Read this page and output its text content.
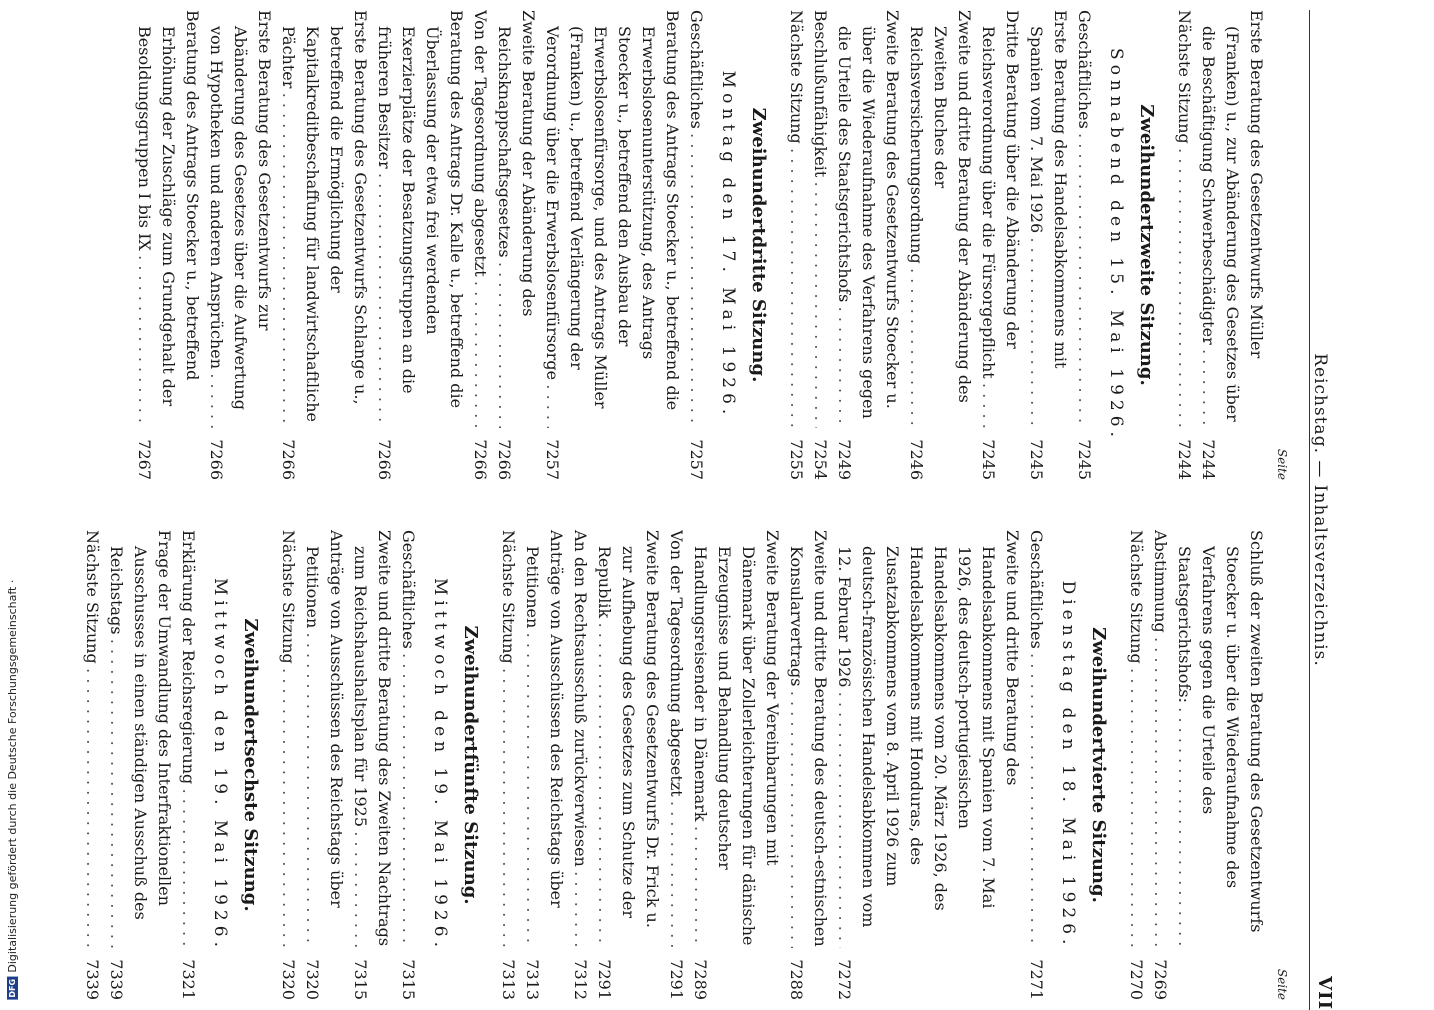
DFG
Digitalisierung gefördert durch die Deutsche Forschungsgemeinschaft ·
Reichstag. — Inhaltsverzeichnis.
VII
Seite
Erste Beratung des Gesetzentwurfs Müller (Franken) u., zur Abänderung des Gesetzes über die Beschäftigung Schwerbeschädigter . . .
7244
Nächste Sitzung . . .
7244
Zweihundertzweite Sitzung.
Sonnabend den 15. Mai 1926.
Geschäftliches . . .
7245
Erste Beratung des Handelsabkommens mit Spanien vom 7. Mai 1926 . . .
7245
Dritte Beratung über die Abänderung der Reichsverordnung über die Fürsorgepflicht . . .
7245
Zweite und dritte Beratung der Abänderung des Zweiten Buches der Reichsversicherungsordnung . . .
7246
Zweite Beratung des Gesetzentwurfs Stoecker u. über die Wiederaufnahme des Verfahrens gegen die Urteile des Staatsgerichtshofs . . .
7249
Beschlußunfähigkeit . . .
7254
Nächste Sitzung . . .
7255
Zweihundertdritte Sitzung.
Montag den 17. Mai 1926.
Geschäftliches . . .
7257
Beratung des Antrags Stoecker u., betreffend die Erwerbslosenunterstützung, des Antrags Stoecker u., betreffend den Ausbau der Erwerbslosenfürsorge, und des Antrags Müller (Franken) u., betreffend Verlängerung der Verordnung über die Erwerbslosenfürsorge . . .
7257
Zweite Beratung der Abänderung des Reichsknappschaftsgesetzes . . .
7266
Von der Tagesordnung abgesetzt . . .
7266
Beratung des Antrags Dr. Kalle u., betreffend die Überlassung der etwa frei werdenden Exerzierplätze der Besatzungstruppen an die früheren Besitzer . . .
7266
Erste Beratung des Gesetzentwurfs Schlange u., betreffend die Ermöglichung der Kapitalkreditbeschaffung für landwirtschaftliche Pächter . . .
7266
Erste Beratung des Gesetzentwurfs zur Abänderung des Gesetzes über die Aufwertung von Hypotheken und anderen Ansprüchen . . .
7266
Beratung des Antrags Stoecker u., betreffend Erhöhung der Zuschläge zum Grundgehalt der Besoldungsgruppen I bis IX . . .
7267
Seite
Schluß der zweiten Beratung des Gesetzentwurfs Stoecker u. über die Wiederaufnahme des Verfahrens gegen die Urteile des Staatsgerichtshofs: . . .
Abstimmung . . .
7269
Nächste Sitzung . . .
7270
Zweihundertvierte Sitzung.
Dienstag den 18. Mai 1926.
Geschäftliches . . .
7271
Zweite und dritte Beratung des Handelsabkommens mit Spanien vom 7. Mai 1926, des deutsch-portugiesischen Handelsabkommens vom 20. März 1926, des Handelsabkommens mit Honduras, des Zusatzabkommens vom 8. April 1926 zum deutsch-französischen Handelsabkommen vom 12. Februar 1926 . . .
7272
Zweite und dritte Beratung des deutsch-estnischen Konsularvertrags . . .
7288
Zweite Beratung der Vereinbarungen mit Dänemark über Zollerleichterungen für dänische Erzeugnisse und Behandlung deutscher Handlungsreisender in Dänemark . . .
7289
Von der Tagesordnung abgesetzt . . .
7291
Zweite Beratung des Gesetzentwurfs Dr. Frick u. zur Aufhebung des Gesetzes zum Schutze der Republik . . .
7291
An den Rechtsausschuß zurückverwiesen . . .
7312
Anträge von Ausschüssen des Reichstags über Petitionen . . .
7313
Nächste Sitzung . . .
7313
Zweihundertfünfte Sitzung.
Mittwoch den 19. Mai 1926.
Geschäftliches . . .
7315
Zweite und dritte Beratung des Zweiten Nachtrags zum Reichshaushaltsplan für 1925 . . .
7315
Anträge von Ausschüssen des Reichstags über Petitionen . . .
7320
Nächste Sitzung . . .
7320
Zweihundertsechste Sitzung.
Mittwoch den 19. Mai 1926.
Erklärung der Reichsregierung . . .
7321
Frage der Umwandlung des Interfraktionellen Ausschusses in einen ständigen Ausschuß des Reichstags . . .
7339
Nächste Sitzung . . .
7339
